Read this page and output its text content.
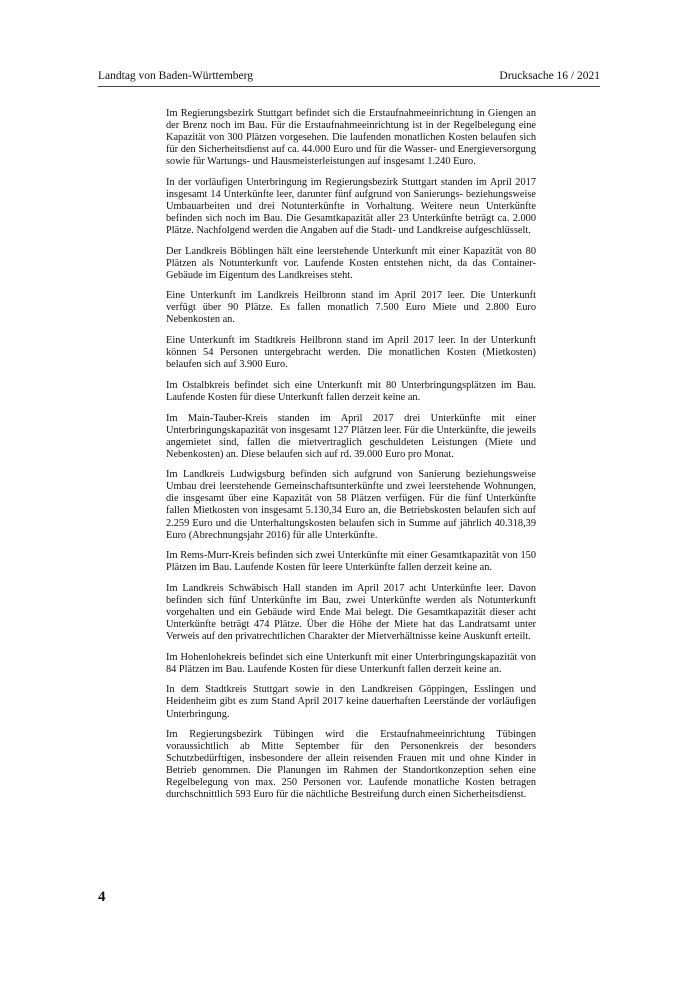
Landtag von Baden-Württemberg	Drucksache 16 / 2021

Im Regierungsbezirk Stuttgart befindet sich die Erstaufnahmeeinrichtung in Giengen an der Brenz noch im Bau. Für die Erstaufnahmeeinrichtung ist in der Regelbelegung eine Kapazität von 300 Plätzen vorgesehen. Die laufenden monatlichen Kosten belaufen sich für den Sicherheitsdienst auf ca. 44.000 Euro und für die Wasser- und Energieversorgung sowie für Wartungs- und Hausmeisterleistungen auf insgesamt 1.240 Euro.

In der vorläufigen Unterbringung im Regierungsbezirk Stuttgart standen im April 2017 insgesamt 14 Unterkünfte leer, darunter fünf aufgrund von Sanierungs- beziehungsweise Umbauarbeiten und drei Notunterkünfte in Vorhaltung. Weitere neun Unterkünfte befinden sich noch im Bau. Die Gesamtkapazität aller 23 Unterkünfte beträgt ca. 2.000 Plätze. Nachfolgend werden die Angaben auf die Stadt- und Landkreise aufgeschlüsselt.

Der Landkreis Böblingen hält eine leerstehende Unterkunft mit einer Kapazität von 80 Plätzen als Notunterkunft vor. Laufende Kosten entstehen nicht, da das Container-Gebäude im Eigentum des Landkreises steht.

Eine Unterkunft im Landkreis Heilbronn stand im April 2017 leer. Die Unterkunft verfügt über 90 Plätze. Es fallen monatlich 7.500 Euro Miete und 2.800 Euro Nebenkosten an.

Eine Unterkunft im Stadtkreis Heilbronn stand im April 2017 leer. In der Unterkunft können 54 Personen untergebracht werden. Die monatlichen Kosten (Mietkosten) belaufen sich auf 3.900 Euro.

Im Ostalbkreis befindet sich eine Unterkunft mit 80 Unterbringungsplätzen im Bau. Laufende Kosten für diese Unterkunft fallen derzeit keine an.

Im Main-Tauber-Kreis standen im April 2017 drei Unterkünfte mit einer Unterbringungskapazität von insgesamt 127 Plätzen leer. Für die Unterkünfte, die jeweils angemietet sind, fallen die mietvertraglich geschuldeten Leistungen (Miete und Nebenkosten) an. Diese belaufen sich auf rd. 39.000 Euro pro Monat.

Im Landkreis Ludwigsburg befinden sich aufgrund von Sanierung beziehungsweise Umbau drei leerstehende Gemeinschaftsunterkünfte und zwei leerstehende Wohnungen, die insgesamt über eine Kapazität von 58 Plätzen verfügen. Für die fünf Unterkünfte fallen Mietkosten von insgesamt 5.130,34 Euro an, die Betriebskosten belaufen sich auf 2.259 Euro und die Unterhaltungskosten belaufen sich in Summe auf jährlich 40.318,39 Euro (Abrechnungsjahr 2016) für alle Unterkünfte.

Im Rems-Murr-Kreis befinden sich zwei Unterkünfte mit einer Gesamtkapazität von 150 Plätzen im Bau. Laufende Kosten für leere Unterkünfte fallen derzeit keine an.

Im Landkreis Schwäbisch Hall standen im April 2017 acht Unterkünfte leer. Davon befinden sich fünf Unterkünfte im Bau, zwei Unterkünfte werden als Notunterkunft vorgehalten und ein Gebäude wird Ende Mai belegt. Die Gesamtkapazität dieser acht Unterkünfte beträgt 474 Plätze. Über die Höhe der Miete hat das Landratsamt unter Verweis auf den privatrechtlichen Charakter der Mietverhältnisse keine Auskunft erteilt.

Im Hohenlohekreis befindet sich eine Unterkunft mit einer Unterbringungskapazität von 84 Plätzen im Bau. Laufende Kosten für diese Unterkunft fallen derzeit keine an.

In dem Stadtkreis Stuttgart sowie in den Landkreisen Göppingen, Esslingen und Heidenheim gibt es zum Stand April 2017 keine dauerhaften Leerstände der vorläufigen Unterbringung.

Im Regierungsbezirk Tübingen wird die Erstaufnahmeeinrichtung Tübingen voraussichtlich ab Mitte September für den Personenkreis der besonders Schutzbedürftigen, insbesondere der allein reisenden Frauen mit und ohne Kinder in Betrieb genommen. Die Planungen im Rahmen der Standortkonzeption sehen eine Regelbelegung von max. 250 Personen vor. Laufende monatliche Kosten betragen durchschnittlich 593 Euro für die nächtliche Bestreifung durch einen Sicherheitsdienst.

4
